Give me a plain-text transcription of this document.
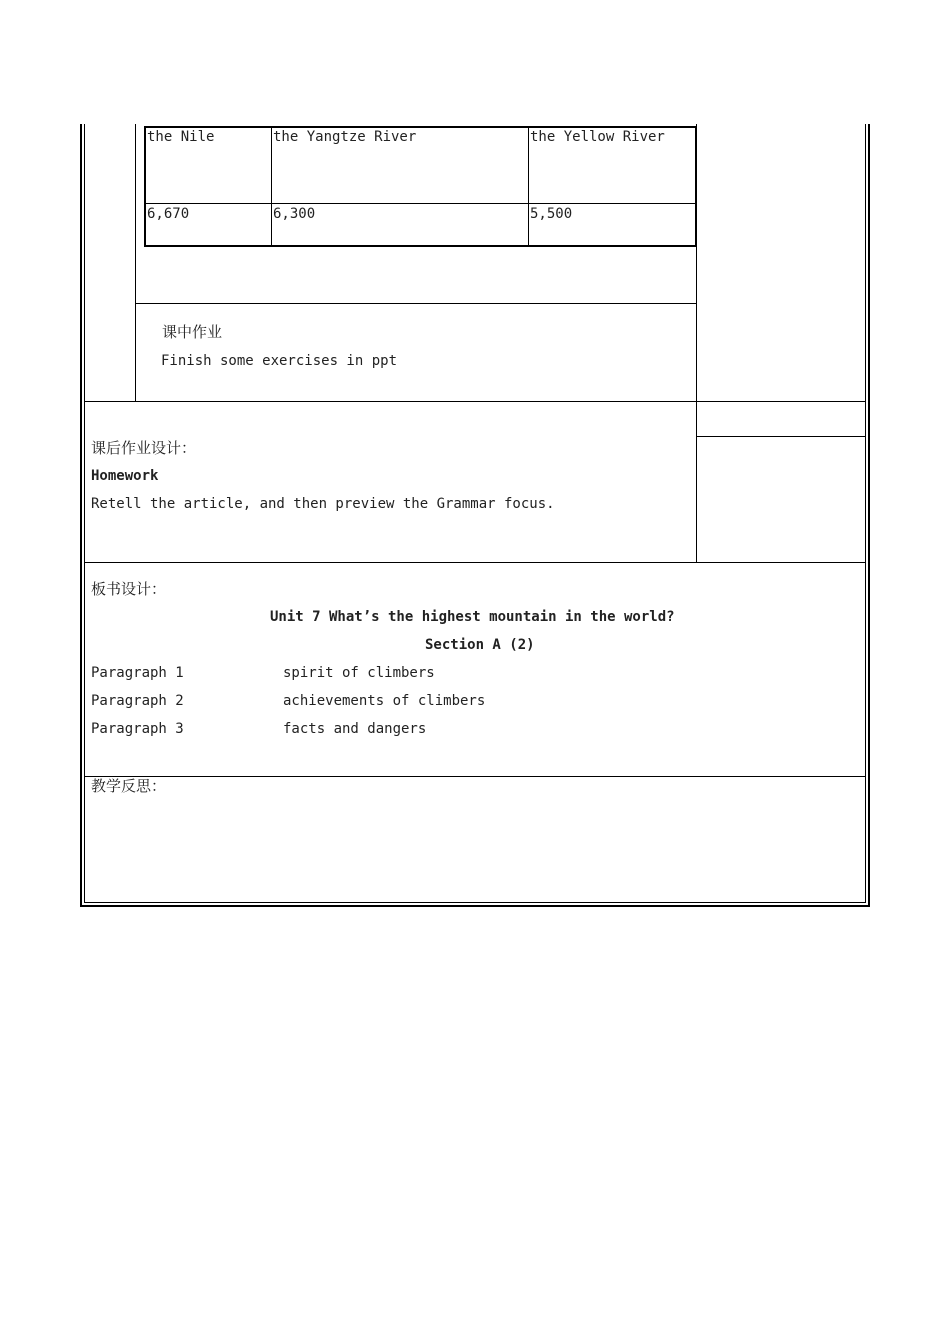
the Nile	the Yangtze River	the Yellow River
6,670	6,300	5,500
课中作业
Finish some exercises in ppt
课后作业设计：
Homework
Retell the article, and then preview the Grammar focus.
板书设计：
Unit 7 What’s the highest mountain in the world?
Section A (2)
Paragraph 1	spirit of climbers
Paragraph 2	achievements of climbers
Paragraph 3	facts and dangers
教学反思：
